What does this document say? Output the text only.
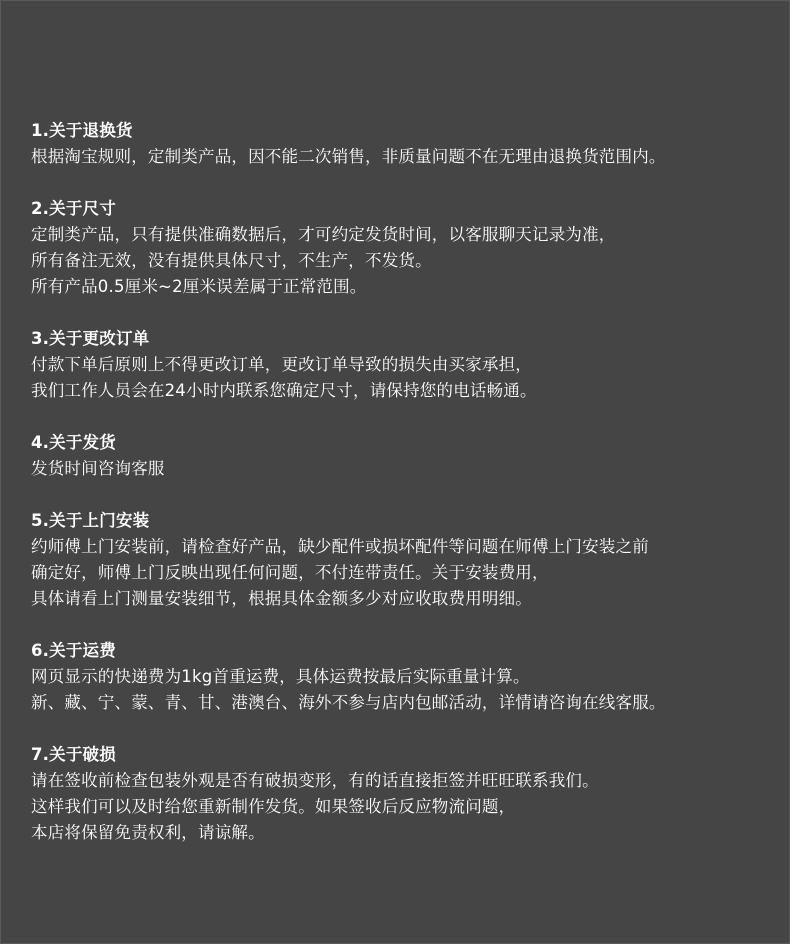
1.关于退换货
根据淘宝规则，定制类产品，因不能二次销售，非质量问题不在无理由退换货范围内。
2.关于尺寸
定制类产品，只有提供准确数据后，才可约定发货时间，以客服聊天记录为准，
所有备注无效，没有提供具体尺寸，不生产，不发货。
所有产品0.5厘米~2厘米误差属于正常范围。
3.关于更改订单
付款下单后原则上不得更改订单，更改订单导致的损失由买家承担，
我们工作人员会在24小时内联系您确定尺寸，请保持您的电话畅通。
4.关于发货
发货时间咨询客服
5.关于上门安装
约师傅上门安装前，请检查好产品，缺少配件或损坏配件等问题在师傅上门安装之前
确定好，师傅上门反映出现任何问题，不付连带责任。关于安装费用，
具体请看上门测量安装细节，根据具体金额多少对应收取费用明细。
6.关于运费
网页显示的快递费为1kg首重运费，具体运费按最后实际重量计算。
新、藏、宁、蒙、青、甘、港澳台、海外不参与店内包邮活动，详情请咨询在线客服。
7.关于破损
请在签收前检查包装外观是否有破损变形，有的话直接拒签并旺旺联系我们。
这样我们可以及时给您重新制作发货。如果签收后反应物流问题，
本店将保留免责权利，请谅解。
